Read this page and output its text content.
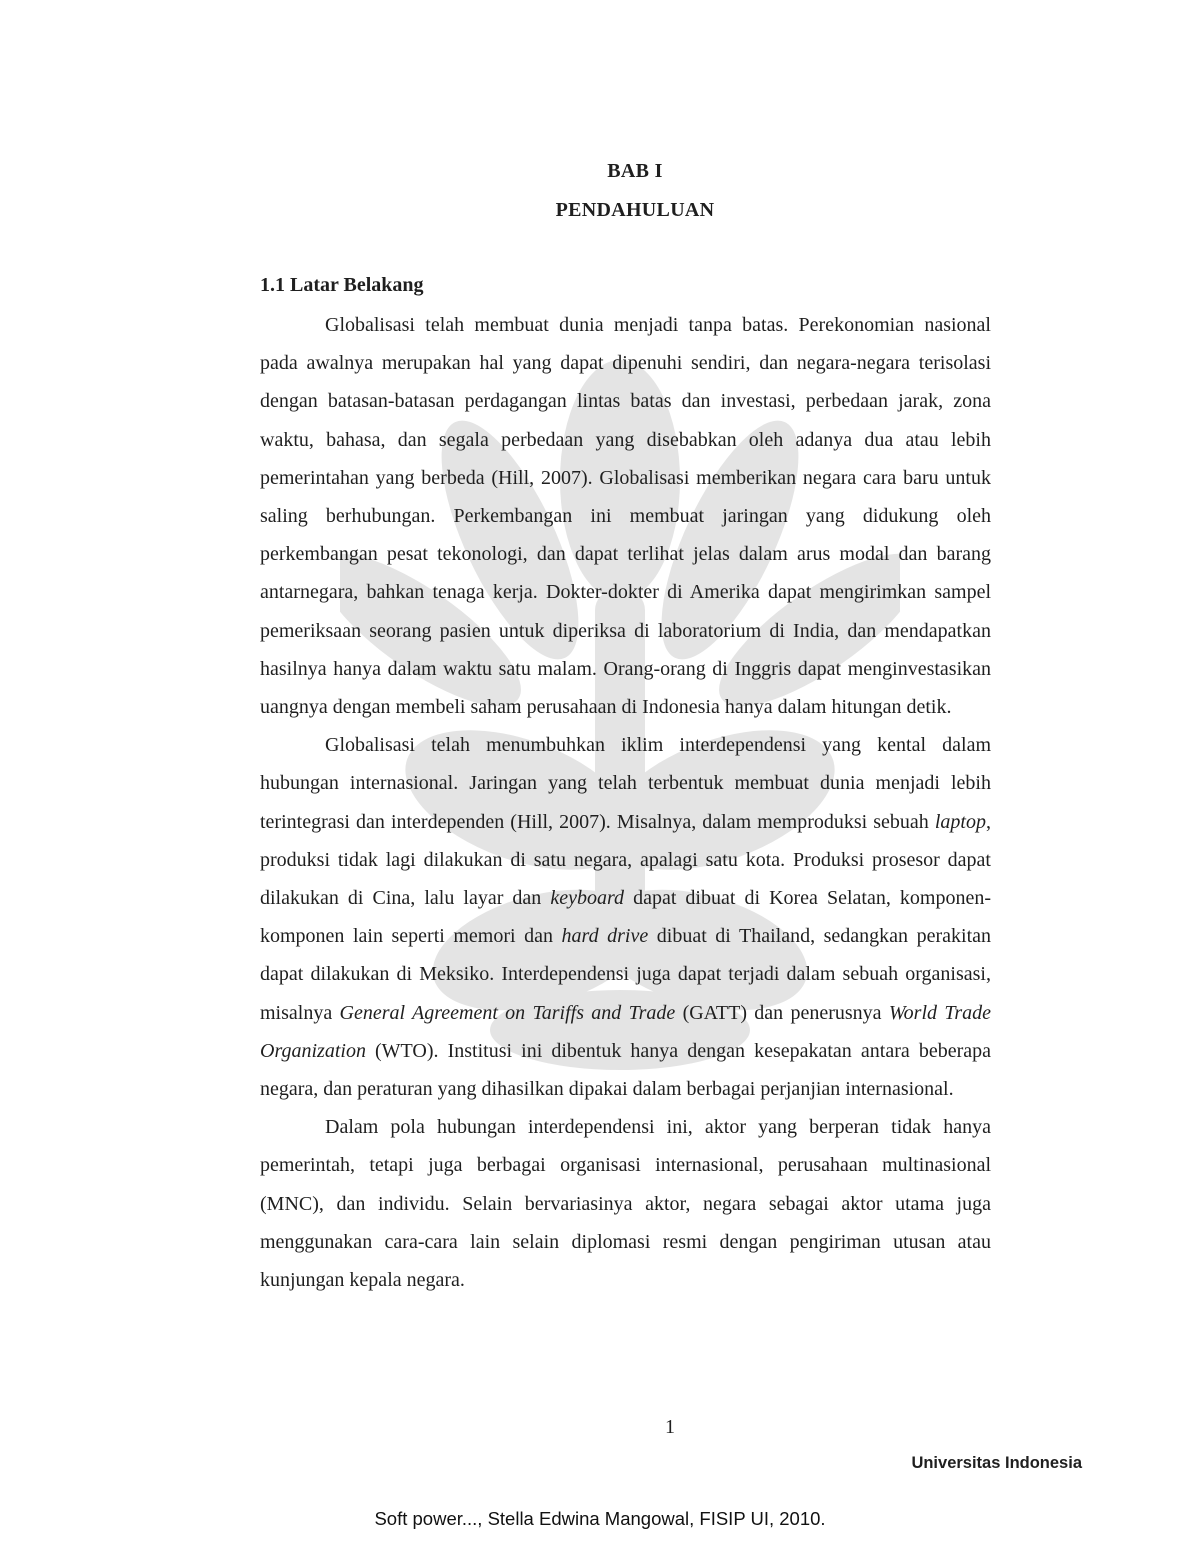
BAB I
PENDAHULUAN
1.1 Latar Belakang

Globalisasi telah membuat dunia menjadi tanpa batas. Perekonomian nasional pada awalnya merupakan hal yang dapat dipenuhi sendiri, dan negara-negara terisolasi dengan batasan-batasan perdagangan lintas batas dan investasi, perbedaan jarak, zona waktu, bahasa, dan segala perbedaan yang disebabkan oleh adanya dua atau lebih pemerintahan yang berbeda (Hill, 2007). Globalisasi memberikan negara cara baru untuk saling berhubungan. Perkembangan ini membuat jaringan yang didukung oleh perkembangan pesat tekonologi, dan dapat terlihat jelas dalam arus modal dan barang antarnegara, bahkan tenaga kerja. Dokter-dokter di Amerika dapat mengirimkan sampel pemeriksaan seorang pasien untuk diperiksa di laboratorium di India, dan mendapatkan hasilnya hanya dalam waktu satu malam. Orang-orang di Inggris dapat menginvestasikan uangnya dengan membeli saham perusahaan di Indonesia hanya dalam hitungan detik.

Globalisasi telah menumbuhkan iklim interdependensi yang kental dalam hubungan internasional. Jaringan yang telah terbentuk membuat dunia menjadi lebih terintegrasi dan interdependen (Hill, 2007). Misalnya, dalam memproduksi sebuah laptop, produksi tidak lagi dilakukan di satu negara, apalagi satu kota. Produksi prosesor dapat dilakukan di Cina, lalu layar dan keyboard dapat dibuat di Korea Selatan, komponen-komponen lain seperti memori dan hard drive dibuat di Thailand, sedangkan perakitan dapat dilakukan di Meksiko. Interdependensi juga dapat terjadi dalam sebuah organisasi, misalnya General Agreement on Tariffs and Trade (GATT) dan penerusnya World Trade Organization (WTO). Institusi ini dibentuk hanya dengan kesepakatan antara beberapa negara, dan peraturan yang dihasilkan dipakai dalam berbagai perjanjian internasional.

Dalam pola hubungan interdependensi ini, aktor yang berperan tidak hanya pemerintah, tetapi juga berbagai organisasi internasional, perusahaan multinasional (MNC), dan individu. Selain bervariasinya aktor, negara sebagai aktor utama juga menggunakan cara-cara lain selain diplomasi resmi dengan pengiriman utusan atau kunjungan kepala negara.

1
Universitas Indonesia
Soft power..., Stella Edwina Mangowal, FISIP UI, 2010.
